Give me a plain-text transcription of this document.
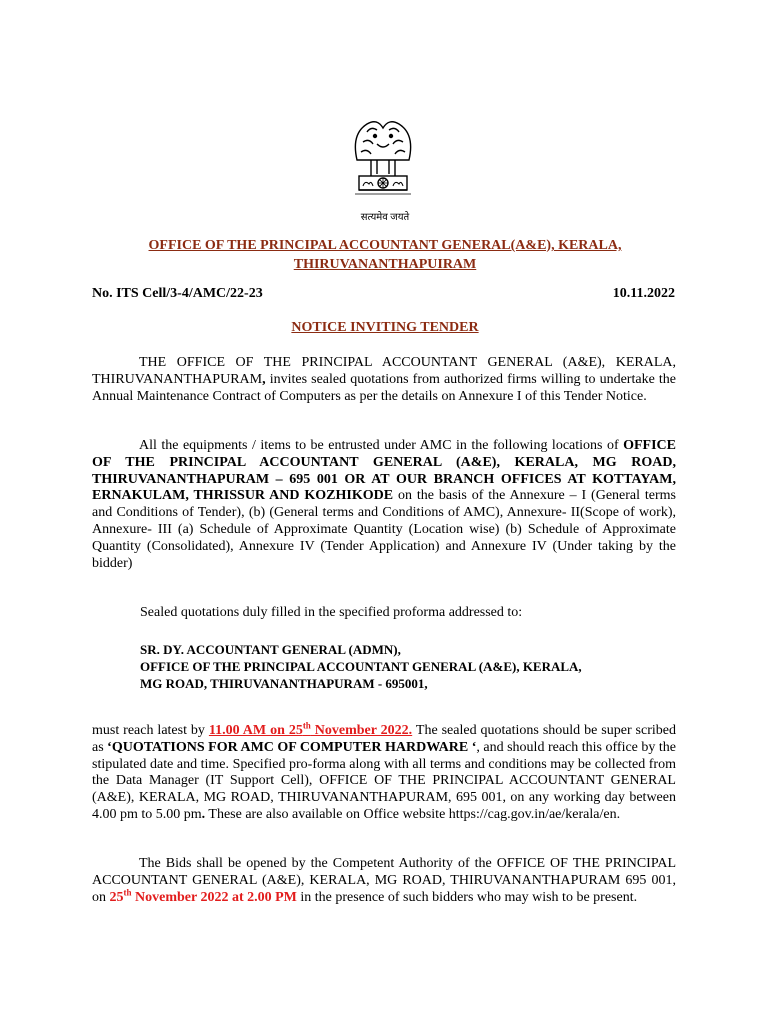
सत्यमेव जयते
OFFICE OF THE PRINCIPAL ACCOUNTANT GENERAL(A&E), KERALA,
THIRUVANANTHAPUIRAM
No. ITS Cell/3-4/AMC/22-23	10.11.2022
NOTICE INVITING TENDER
THE OFFICE OF THE PRINCIPAL ACCOUNTANT GENERAL (A&E), KERALA, THIRUVANANTHAPURAM, invites sealed quotations from authorized firms willing to undertake the Annual Maintenance Contract of Computers as per the details on Annexure I of this Tender Notice.
All the equipments / items to be entrusted under AMC in the following locations of OFFICE OF THE PRINCIPAL ACCOUNTANT GENERAL (A&E), KERALA, MG ROAD, THIRUVANANTHAPURAM – 695 001 OR AT OUR BRANCH OFFICES AT KOTTAYAM, ERNAKULAM, THRISSUR AND KOZHIKODE on the basis of the Annexure – I (General terms and Conditions of Tender), (b) (General terms and Conditions of AMC), Annexure- II(Scope of work), Annexure- III (a) Schedule of Approximate Quantity (Location wise) (b) Schedule of Approximate Quantity (Consolidated), Annexure IV (Tender Application) and Annexure IV (Under taking by the bidder)
Sealed quotations duly filled in the specified proforma addressed to:
SR. DY. ACCOUNTANT GENERAL (ADMN),
OFFICE OF THE PRINCIPAL ACCOUNTANT GENERAL (A&E), KERALA,
MG ROAD, THIRUVANANTHAPURAM - 695001,
must reach latest by 11.00 AM on 25th November 2022. The sealed quotations should be super scribed as ‘QUOTATIONS FOR AMC OF COMPUTER HARDWARE ‘, and should reach this office by the stipulated date and time. Specified pro-forma along with all terms and conditions may be collected from the Data Manager (IT Support Cell), OFFICE OF THE PRINCIPAL ACCOUNTANT GENERAL (A&E), KERALA, MG ROAD, THIRUVANANTHAPURAM, 695 001, on any working day between 4.00 pm to 5.00 pm. These are also available on Office website https://cag.gov.in/ae/kerala/en.
The Bids shall be opened by the Competent Authority of the OFFICE OF THE PRINCIPAL ACCOUNTANT GENERAL (A&E), KERALA, MG ROAD, THIRUVANANTHAPURAM 695 001, on 25th November 2022 at 2.00 PM in the presence of such bidders who may wish to be present.
